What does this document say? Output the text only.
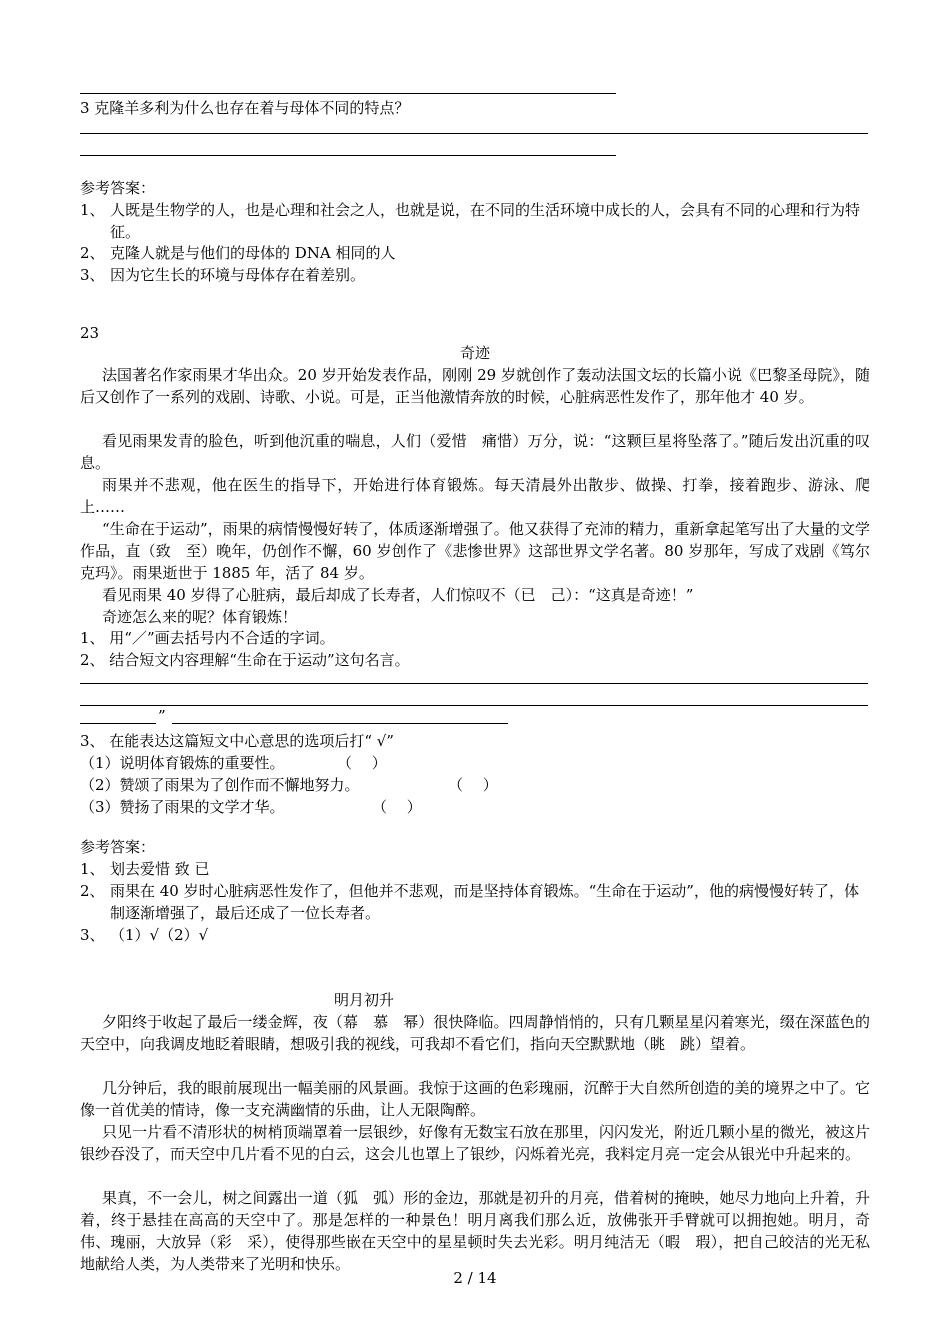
3 克隆羊多利为什么也存在着与母体不同的特点？
参考答案：
1、 人既是生物学的人，也是心理和社会之人，也就是说，在不同的生活环境中成长的人，会具有不同的心理和行为特征。
2、 克隆人就是与他们的母体的 DNA 相同的人
3、 因为它生长的环境与母体存在着差别。
23
奇迹
法国著名作家雨果才华出众。20 岁开始发表作品，刚刚 29 岁就创作了轰动法国文坛的长篇小说《巴黎圣母院》，随后又创作了一系列的戏剧、诗歌、小说。可是，正当他激情奔放的时候，心脏病恶性发作了，那年他才 40 岁。
看见雨果发青的脸色，听到他沉重的喘息，人们（爱惜　痛惜）万分，说：“这颗巨星将坠落了。”随后发出沉重的叹息。
雨果并不悲观，他在医生的指导下，开始进行体育锻炼。每天清晨外出散步、做操、打拳，接着跑步、游泳、爬上……
“生命在于运动”，雨果的病情慢慢好转了，体质逐渐增强了。他又获得了充沛的精力，重新拿起笔写出了大量的文学作品，直（致　至）晚年，仍创作不懈，60 岁创作了《悲惨世界》这部世界文学名著。80 岁那年，写成了戏剧《笃尔克玛》。雨果逝世于 1885 年，活了 84 岁。
看见雨果 40 岁得了心脏病，最后却成了长寿者，人们惊叹不（已　己）：“这真是奇迹！”
奇迹怎么来的呢？体育锻炼！
1、 用“／”画去括号内不合适的字词。
2、 结合短文内容理解“生命在于运动”这句名言。
”
3、 在能表达这篇短文中心意思的选项后打“ √”
（1）说明体育锻炼的重要性。	（　 ）
（2）赞颂了雨果为了创作而不懈地努力。	（　 ）
（3）赞扬了雨果的文学才华。	（　 ）
参考答案：
1、 划去爱惜 致 已
2、 雨果在 40 岁时心脏病恶性发作了，但他并不悲观，而是坚持体育锻炼。“生命在于运动”，他的病慢慢好转了，体制逐渐增强了，最后还成了一位长寿者。
3、 （1）√（2）√
明月初升
夕阳终于收起了最后一缕金辉，夜（幕　慕　幂）很快降临。四周静悄悄的，只有几颗星星闪着寒光，缀在深蓝色的天空中，向我调皮地眨着眼睛，想吸引我的视线，可我却不看它们，指向天空默默地（眺　跳）望着。
几分钟后，我的眼前展现出一幅美丽的风景画。我惊于这画的色彩瑰丽，沉醉于大自然所创造的美的境界之中了。它像一首优美的情诗，像一支充满幽情的乐曲，让人无限陶醉。
只见一片看不清形状的树梢顶端罩着一层银纱，好像有无数宝石放在那里，闪闪发光，附近几颗小星的微光，被这片银纱吞没了，而天空中几片看不见的白云，这会儿也罩上了银纱，闪烁着光亮，我料定月亮一定会从银光中升起来的。
果真，不一会儿，树之间露出一道（狐　弧）形的金边，那就是初升的月亮，借着树的掩映，她尽力地向上升着，升着，终于悬挂在高高的天空中了。那是怎样的一种景色！明月离我们那么近，放佛张开手臂就可以拥抱她。明月，奇伟、瑰丽，大放异（彩　采），使得那些嵌在天空中的星星顿时失去光彩。明月纯洁无（暇　瑕），把自己皎洁的光无私地献给人类，为人类带来了光明和快乐。
2 / 14
